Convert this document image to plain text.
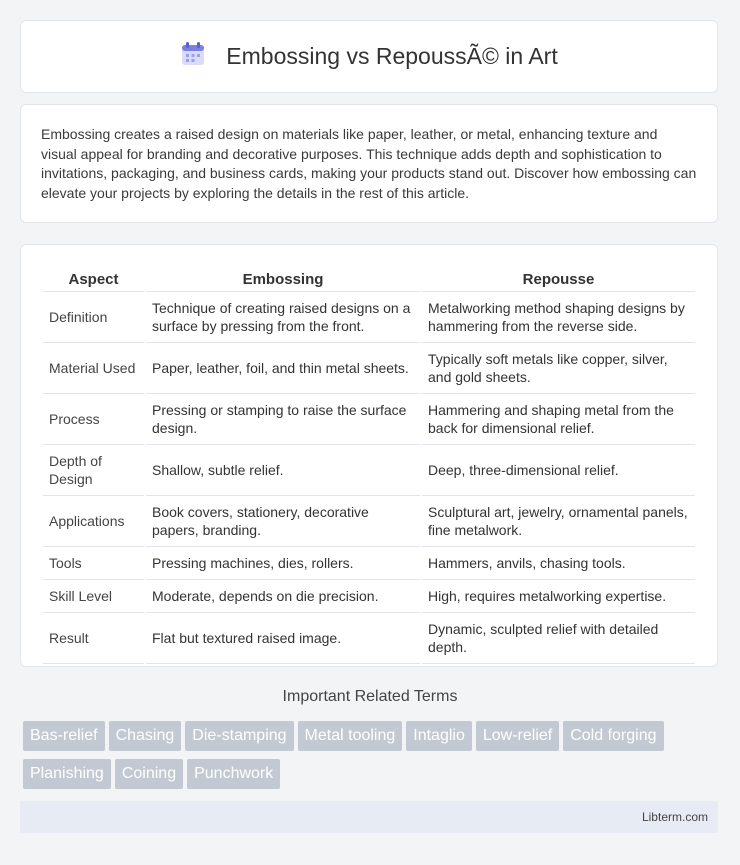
Embossing vs RepoussÃ© in Art
Embossing creates a raised design on materials like paper, leather, or metal, enhancing texture and visual appeal for branding and decorative purposes. This technique adds depth and sophistication to invitations, packaging, and business cards, making your products stand out. Discover how embossing can elevate your projects by exploring the details in the rest of this article.
Aspect	Embossing	Repousse
Definition	Technique of creating raised designs on a surface by pressing from the front.	Metalworking method shaping designs by hammering from the reverse side.
Material Used	Paper, leather, foil, and thin metal sheets.	Typically soft metals like copper, silver, and gold sheets.
Process	Pressing or stamping to raise the surface design.	Hammering and shaping metal from the back for dimensional relief.
Depth of Design	Shallow, subtle relief.	Deep, three-dimensional relief.
Applications	Book covers, stationery, decorative papers, branding.	Sculptural art, jewelry, ornamental panels, fine metalwork.
Tools	Pressing machines, dies, rollers.	Hammers, anvils, chasing tools.
Skill Level	Moderate, depends on die precision.	High, requires metalworking expertise.
Result	Flat but textured raised image.	Dynamic, sculpted relief with detailed depth.
Important Related Terms
Bas-relief Chasing Die-stamping Metal tooling Intaglio Low-relief Cold forging
Planishing Coining Punchwork
Libterm.com
